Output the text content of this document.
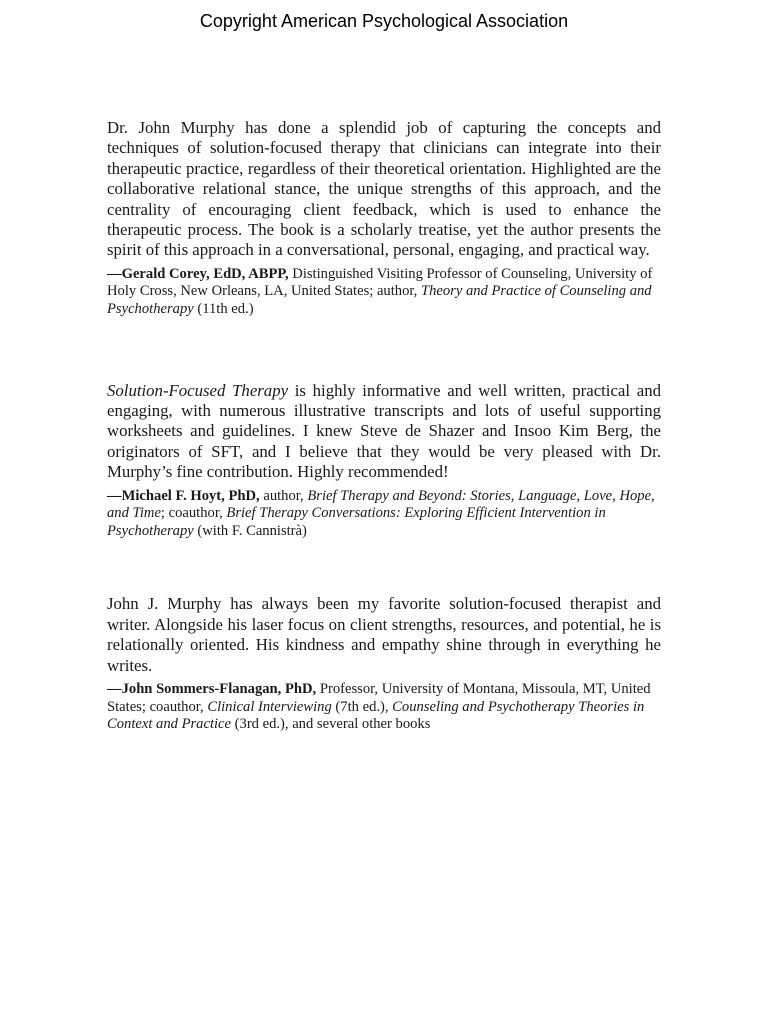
Copyright American Psychological Association

Dr. John Murphy has done a splendid job of capturing the concepts and techniques of solution-focused therapy that clinicians can integrate into their therapeutic practice, regardless of their theoretical orientation. Highlighted are the collaborative relational stance, the unique strengths of this approach, and the centrality of encouraging client feedback, which is used to enhance the therapeutic process. The book is a scholarly treatise, yet the author presents the spirit of this approach in a conversational, personal, engaging, and practical way.

—Gerald Corey, EdD, ABPP, Distinguished Visiting Professor of Counseling, University of Holy Cross, New Orleans, LA, United States; author, Theory and Practice of Counseling and Psychotherapy (11th ed.)

Solution-Focused Therapy is highly informative and well written, practical and engaging, with numerous illustrative transcripts and lots of useful supporting worksheets and guidelines. I knew Steve de Shazer and Insoo Kim Berg, the originators of SFT, and I believe that they would be very pleased with Dr. Murphy’s fine contribution. Highly recommended!

—Michael F. Hoyt, PhD, author, Brief Therapy and Beyond: Stories, Language, Love, Hope, and Time; coauthor, Brief Therapy Conversations: Exploring Efficient Intervention in Psychotherapy (with F. Cannistrà)

John J. Murphy has always been my favorite solution-focused therapist and writer. Alongside his laser focus on client strengths, resources, and potential, he is relationally oriented. His kindness and empathy shine through in everything he writes.

—John Sommers-Flanagan, PhD, Professor, University of Montana, Missoula, MT, United States; coauthor, Clinical Interviewing (7th ed.), Counseling and Psychotherapy Theories in Context and Practice (3rd ed.), and several other books
